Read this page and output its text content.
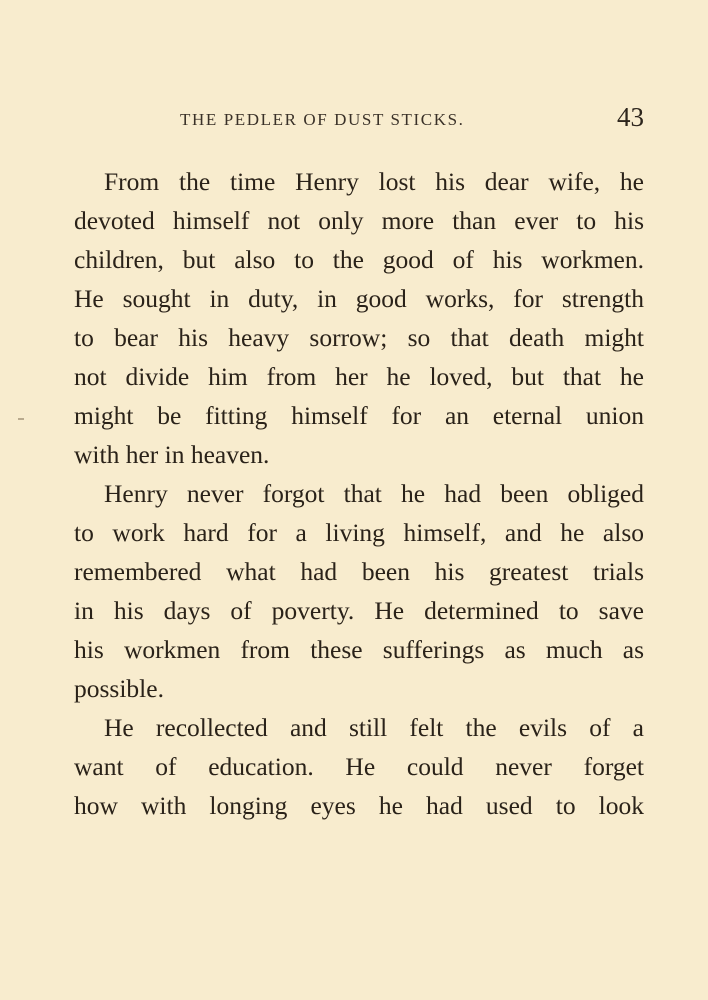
THE PEDLER OF DUST STICKS.	43
From the time Henry lost his dear wife, he
devoted himself not only more than ever to his
children, but also to the good of his workmen.
He sought in duty, in good works, for strength
to bear his heavy sorrow; so that death might
not divide him from her he loved, but that he
might be fitting himself for an eternal union
with her in heaven.
Henry never forgot that he had been obliged
to work hard for a living himself, and he also
remembered what had been his greatest trials
in his days of poverty. He determined to save
his workmen from these sufferings as much as
possible.
He recollected and still felt the evils of a
want of education. He could never forget
how with longing eyes he had used to look
